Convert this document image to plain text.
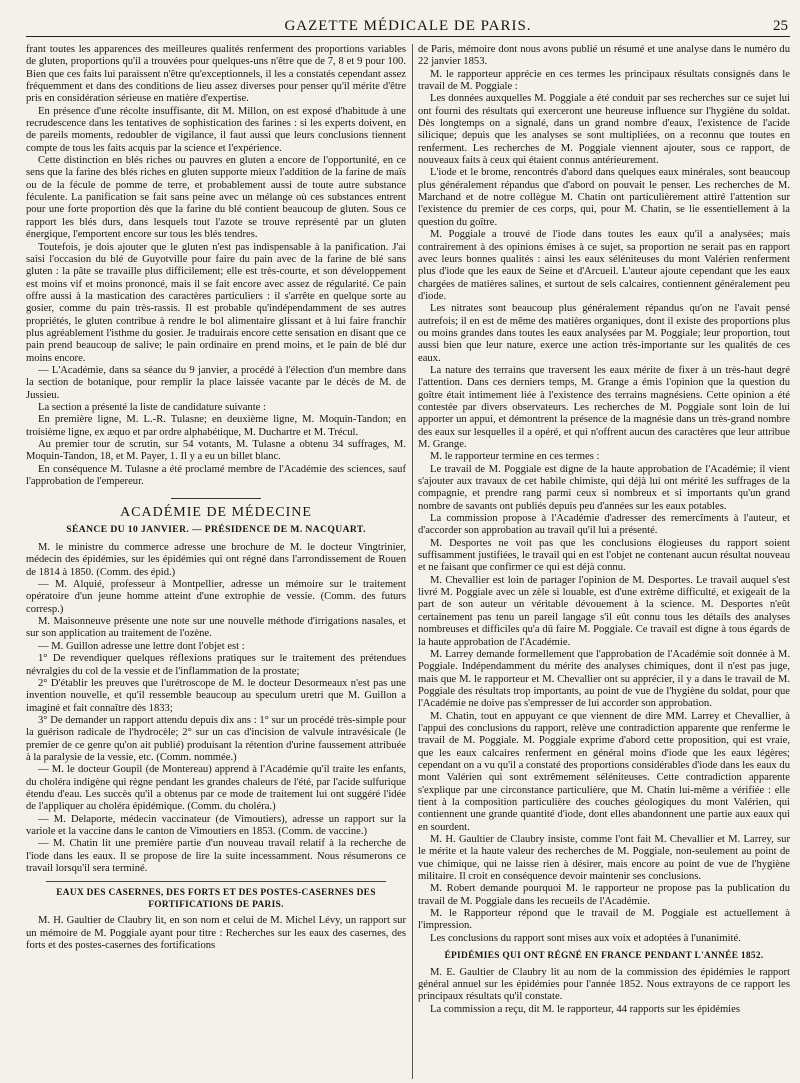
GAZETTE MÉDICALE DE PARIS.	25

frant toutes les apparences des meilleures qualités renferment des proportions variables de gluten, proportions qu'il a trouvées pour quelques-uns n'être que de 7, 8 et 9 pour 100. Bien que ces faits lui paraissent n'être qu'exceptionnels, il les a constatés cependant assez fréquemment et dans des conditions de lieu assez diverses pour penser qu'il mérite d'être pris en considération sérieuse en matière d'expertise.

En présence d'une récolte insuffisante, dit M. Millon, on est exposé d'habitude à une recrudescence dans les tentatives de sophistication des farines : si les experts doivent, en de pareils moments, redoubler de vigilance, il faut aussi que leurs conclusions tiennent compte de tous les faits acquis par la science et l'expérience.

Cette distinction en blés riches ou pauvres en gluten a encore de l'opportunité, en ce sens que la farine des blés riches en gluten supporte mieux l'addition de la farine de maïs ou de la fécule de pomme de terre, et probablement aussi de toute autre substance féculente. La panification se fait sans peine avec un mélange où ces substances entrent pour une forte proportion dès que la farine du blé contient beaucoup de gluten. Sous ce rapport les blés durs, dans lesquels tout l'azote se trouve représenté par un gluten énergique, l'emportent encore sur tous les blés tendres.

Toutefois, je dois ajouter que le gluten n'est pas indispensable à la panification. J'ai saisi l'occasion du blé de Guyotville pour faire du pain avec de la farine de blé sans gluten : la pâte se travaille plus difficilement; elle est très-courte, et son développement est moins vif et moins prononcé, mais il se fait encore avec assez de régularité. Ce pain offre aussi à la mastication des caractères particuliers : il s'arrête en quelque sorte au gosier, comme du pain très-rassis. Il est probable qu'indépendamment de ses autres propriétés, le gluten contribue à rendre le bol alimentaire glissant et à lui faire franchir plus agréablement l'isthme du gosier. Je traduirais encore cette sensation en disant que ce pain prend beaucoup de salive; le pain ordinaire en prend moins, et le pain de blé dur moins encore.

— L'Académie, dans sa séance du 9 janvier, a procédé à l'élection d'un membre dans la section de botanique, pour remplir la place laissée vacante par le décès de M. de Jussieu.

La section a présenté la liste de candidature suivante :

En première ligne, M. L.-R. Tulasne; en deuxième ligne, M. Moquin-Tandon; en troisième ligne, ex æquo et par ordre alphabétique, M. Duchartre et M. Trécul.

Au premier tour de scrutin, sur 54 votants, M. Tulasne a obtenu 34 suffrages, M. Moquin-Tandon, 18, et M. Payer, 1. Il y a eu un billet blanc.

En conséquence M. Tulasne a été proclamé membre de l'Académie des sciences, sauf l'approbation de l'empereur.

ACADÉMIE DE MÉDECINE
SÉANCE DU 10 JANVIER. — PRÉSIDENCE DE M. NACQUART.

M. le ministre du commerce adresse une brochure de M. le docteur Vingtrinier, médecin des épidémies, sur les épidémies qui ont régné dans l'arrondissement de Rouen de 1814 à 1850. (Comm. des épid.)

— M. Alquié, professeur à Montpellier, adresse un mémoire sur le traitement opératoire d'un jeune homme atteint d'une extrophie de vessie. (Comm. des futurs corresp.)

M. Maisonneuve présente une note sur une nouvelle méthode d'irrigations nasales, et sur son application au traitement de l'ozène.

— M. Guillon adresse une lettre dont l'objet est :

1° De revendiquer quelques réflexions pratiques sur le traitement des prétendues névralgies du col de la vessie et de l'inflammation de la prostate;

2° D'établir les preuves que l'urétroscope de M. le docteur Desormeaux n'est pas une invention nouvelle, et qu'il ressemble beaucoup au speculum uretri que M. Guillon a imaginé et fait connaître dès 1833;

3° De demander un rapport attendu depuis dix ans : 1° sur un procédé très-simple pour la guérison radicale de l'hydrocèle; 2° sur un cas d'incision de valvule intravésicale (le premier de ce genre qu'on ait publié) produisant la rétention d'urine faussement attribuée à la paralysie de la vessie, etc. (Comm. nommée.)

— M. le docteur Goupil (de Montereau) apprend à l'Académie qu'il traite les enfants, du choléra indigène qui règne pendant les grandes chaleurs de l'été, par l'acide sulfurique étendu d'eau. Les succès qu'il a obtenus par ce mode de traitement lui ont suggéré l'idée de l'appliquer au choléra épidémique. (Comm. du choléra.)

— M. Delaporte, médecin vaccinateur (de Vimoutiers), adresse un rapport sur la variole et la vaccine dans le canton de Vimoutiers en 1853. (Comm. de vaccine.)

— M. Chatin lit une première partie d'un nouveau travail relatif à la recherche de l'iode dans les eaux. Il se propose de lire la suite incessamment. Nous résumerons ce travail lorsqu'il sera terminé.

EAUX DES CASERNES, DES FORTS ET DES POSTES-CASERNES DES FORTIFICATIONS DE PARIS.

M. H. Gaultier de Claubry lit, en son nom et celui de M. Michel Lévy, un rapport sur un mémoire de M. Poggiale ayant pour titre : Recherches sur les eaux des casernes, des forts et des postes-casernes des fortifications

de Paris, mémoire dont nous avons publié un résumé et une analyse dans le numéro du 22 janvier 1853.

M. le rapporteur apprécie en ces termes les principaux résultats consignés dans le travail de M. Poggiale :

Les données auxquelles M. Poggiale a été conduit par ses recherches sur ce sujet lui ont fourni des résultats qui exerceront une heureuse influence sur l'hygiène du soldat. Dès longtemps on a signalé, dans un grand nombre d'eaux, l'existence de l'acide silicique; depuis que les analyses se sont multipliées, on a reconnu que toutes en renferment. Les recherches de M. Poggiale viennent ajouter, sous ce rapport, de nouveaux faits à ceux qui étaient connus antérieurement.

L'iode et le brome, rencontrés d'abord dans quelques eaux minérales, sont beaucoup plus généralement répandus que d'abord on pouvait le penser. Les recherches de M. Marchand et de notre collègue M. Chatin ont particulièrement attiré l'attention sur l'existence du premier de ces corps, qui, pour M. Chatin, se lie essentiellement à la question du goître.

M. Poggiale a trouvé de l'iode dans toutes les eaux qu'il a analysées; mais contrairement à des opinions émises à ce sujet, sa proportion ne serait pas en rapport avec leurs bonnes qualités : ainsi les eaux séléniteuses du mont Valérien renferment plus d'iode que les eaux de Seine et d'Arcueil. L'auteur ajoute cependant que les eaux chargées de matières salines, et surtout de sels calcaires, contiennent généralement peu d'iode.

Les nitrates sont beaucoup plus généralement répandus qu'on ne l'avait pensé autrefois; il en est de même des matières organiques, dont il existe des proportions plus ou moins grandes dans toutes les eaux analysées par M. Poggiale; leur proportion, tout aussi bien que leur nature, exerce une action très-importante sur les qualités de ces eaux.

La nature des terrains que traversent les eaux mérite de fixer à un très-haut degré l'attention. Dans ces derniers temps, M. Grange a émis l'opinion que la question du goître était intimement liée à l'existence des terrains magnésiens. Cette opinion a été contestée par divers observateurs. Les recherches de M. Poggiale sont loin de lui apporter un appui, et démontrent la présence de la magnésie dans un très-grand nombre des eaux sur lesquelles il a opéré, et qui n'offrent aucun des caractères que leur attribue M. Grange.

M. le rapporteur termine en ces termes :

Le travail de M. Poggiale est digne de la haute approbation de l'Académie; il vient s'ajouter aux travaux de cet habile chimiste, qui déjà lui ont mérité les suffrages de la compagnie, et prendre rang parmi ceux si nombreux et si importants qu'un grand nombre de savants ont publiés depuis peu d'années sur les eaux potables.

La commission propose à l'Académie d'adresser des remercîments à l'auteur, et d'accorder son approbation au travail qu'il lui a présenté.

M. Desportes ne voit pas que les conclusions élogieuses du rapport soient suffisamment justifiées, le travail qui en est l'objet ne contenant aucun résultat nouveau et ne faisant que confirmer ce qui est déjà connu.

M. Chevallier est loin de partager l'opinion de M. Desportes. Le travail auquel s'est livré M. Poggiale avec un zèle si louable, est d'une extrême difficulté, et exigeait de la part de son auteur un véritable dévouement à la science. M. Desportes n'eût certainement pas tenu un pareil langage s'il eût connu tous les détails des analyses nombreuses et difficiles qu'a dû faire M. Poggiale. Ce travail est digne à tous égards de la haute approbation de l'Académie.

M. Larrey demande formellement que l'approbation de l'Académie soit donnée à M. Poggiale. Indépendamment du mérite des analyses chimiques, dont il n'est pas juge, mais que M. le rapporteur et M. Chevallier ont su apprécier, il y a dans le travail de M. Poggiale des résultats trop importants, au point de vue de l'hygiène du soldat, pour que l'Académie ne doive pas s'empresser de lui accorder son approbation.

M. Chatin, tout en appuyant ce que viennent de dire MM. Larrey et Chevallier, à l'appui des conclusions du rapport, relève une contradiction apparente que renferme le travail de M. Poggiale. M. Poggiale exprime d'abord cette proposition, qui est vraie, que les eaux calcaires renferment en général moins d'iode que les eaux légères; cependant on a vu qu'il a constaté des proportions considérables d'iode dans les eaux du mont Valérien qui sont extrêmement séléniteuses. Cette contradiction apparente s'explique par une circonstance particulière, que M. Chatin lui-même a vérifiée : elle tient à la composition particulière des couches géologiques du mont Valérien, qui contiennent une grande quantité d'iode, dont elles abandonnent une partie aux eaux qui en sourdent.

M. H. Gaultier de Claubry insiste, comme l'ont fait M. Chevallier et M. Larrey, sur le mérite et la haute valeur des recherches de M. Poggiale, non-seulement au point de vue chimique, qui ne laisse rien à désirer, mais encore au point de vue de l'hygiène militaire. Il croit en conséquence devoir maintenir ses conclusions.

M. Robert demande pourquoi M. le rapporteur ne propose pas la publication du travail de M. Poggiale dans les recueils de l'Académie.

M. le Rapporteur répond que le travail de M. Poggiale est actuellement à l'impression.

Les conclusions du rapport sont mises aux voix et adoptées à l'unanimité.

ÉPIDÉMIES QUI ONT RÉGNÉ EN FRANCE PENDANT L'ANNÉE 1852.

M. E. Gaultier de Claubry lit au nom de la commission des épidémies le rapport général annuel sur les épidémies pour l'année 1852. Nous extrayons de ce rapport les principaux résultats qu'il constate.

La commission a reçu, dit M. le rapporteur, 44 rapports sur les épidémies
